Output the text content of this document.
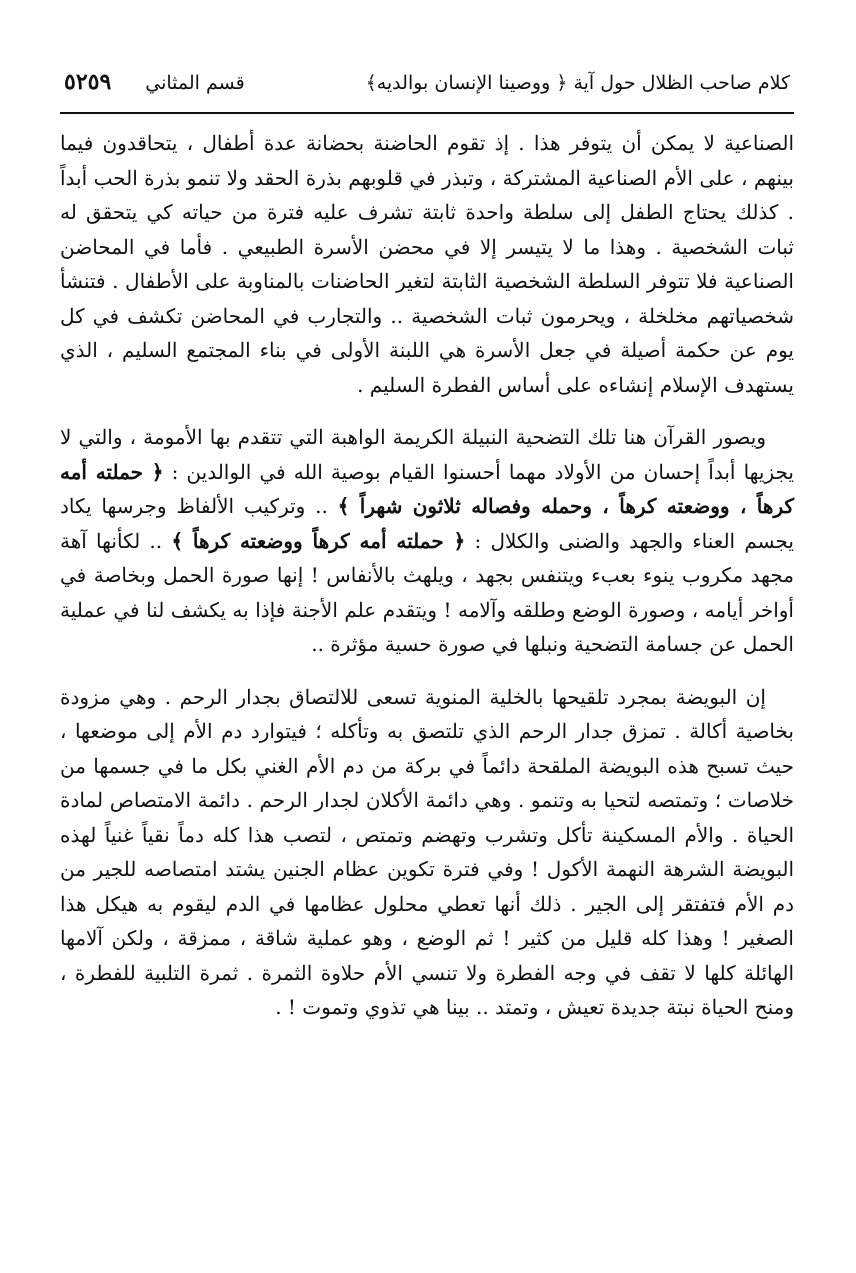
كلام صاحب الظلال حول آية ﴿ ووصينا الإنسان بوالديه﴾
قسم المثاني
٥٢٥٩

الصناعية لا يمكن أن يتوفر هذا . إذ تقوم الحاضنة بحضانة عدة أطفال ، يتحاقدون فيما بينهم ، على الأم الصناعية المشتركة ، وتبذر في قلوبهم بذرة الحقد ولا تنمو بذرة الحب أبداً . كذلك يحتاج الطفل إلى سلطة واحدة ثابتة تشرف عليه فترة من حياته كي يتحقق له ثبات الشخصية . وهذا ما لا يتيسر إلا في محضن الأسرة الطبيعي . فأما في المحاضن الصناعية فلا تتوفر السلطة الشخصية الثابتة لتغير الحاضنات بالمناوبة على الأطفال . فتنشأ شخصياتهم مخلخلة ، ويحرمون ثبات الشخصية .. والتجارب في المحاضن تكشف في كل يوم عن حكمة أصيلة في جعل الأسرة هي اللبنة الأولى في بناء المجتمع السليم ، الذي يستهدف الإسلام إنشاءه على أساس الفطرة السليم .

ويصور القرآن هنا تلك التضحية النبيلة الكريمة الواهبة التي تتقدم بها الأمومة ، والتي لا يجزيها أبداً إحسان من الأولاد مهما أحسنوا القيام بوصية الله في الوالدين : ﴿ حملته أمه كرهاً ، ووضعته كرهاً ، وحمله وفصاله ثلاثون شهراً ﴾ .. وتركيب الألفاظ وجرسها يكاد يجسم العناء والجهد والضنى والكلال : ﴿ حملته أمه كرهاً ووضعته كرهاً ﴾ .. لكأنها آهة مجهد مكروب ينوء بعبء ويتنفس بجهد ، ويلهث بالأنفاس ! إنها صورة الحمل وبخاصة في أواخر أيامه ، وصورة الوضع وطلقه وآلامه ! ويتقدم علم الأجنة فإذا به يكشف لنا في عملية الحمل عن جسامة التضحية ونبلها في صورة حسية مؤثرة ..

إن البويضة بمجرد تلقيحها بالخلية المنوية تسعى للالتصاق بجدار الرحم . وهي مزودة بخاصية أكالة . تمزق جدار الرحم الذي تلتصق به وتأكله ؛ فيتوارد دم الأم إلى موضعها ، حيث تسبح هذه البويضة الملقحة دائماً في بركة من دم الأم الغني بكل ما في جسمها من خلاصات ؛ وتمتصه لتحيا به وتنمو . وهي دائمة الأكلان لجدار الرحم . دائمة الامتصاص لمادة الحياة . والأم المسكينة تأكل وتشرب وتهضم وتمتص ، لتصب هذا كله دماً نقياً غنياً لهذه البويضة الشرهة النهمة الأكول ! وفي فترة تكوين عظام الجنين يشتد امتصاصه للجير من دم الأم فتفتقر إلى الجير . ذلك أنها تعطي محلول عظامها في الدم ليقوم به هيكل هذا الصغير ! وهذا كله قليل من كثير ! ثم الوضع ، وهو عملية شاقة ، ممزقة ، ولكن آلامها الهائلة كلها لا تقف في وجه الفطرة ولا تنسي الأم حلاوة الثمرة . ثمرة التلبية للفطرة ، ومنح الحياة نبتة جديدة تعيش ، وتمتد .. بينا هي تذوي وتموت ! .
